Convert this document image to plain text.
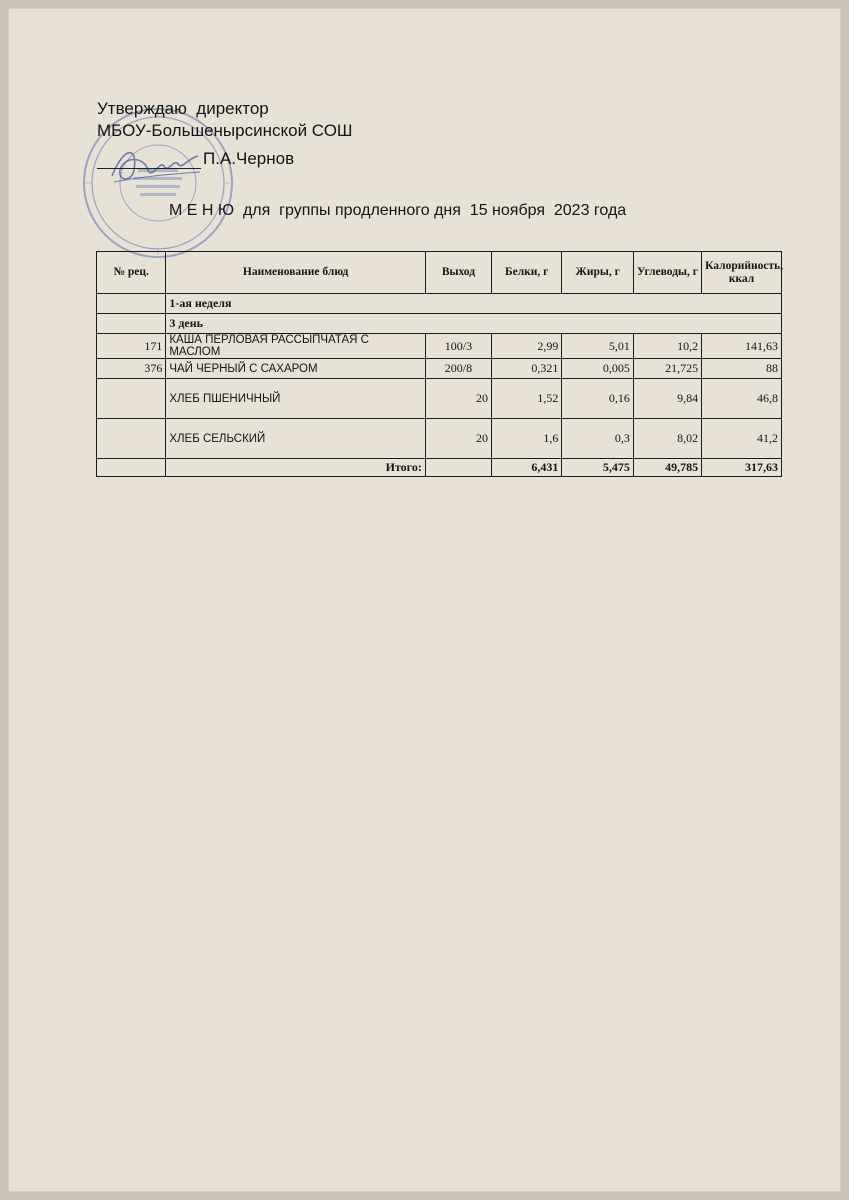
Утверждаю  директор
МБОУ-Большенырсинской СОШ
П.А.Чернов
М Е Н Ю  для  группы продленного дня  15 ноября  2023 года
№ рец.	Наименование блюд	Выход	Белки, г	Жиры, г	Углеводы, г	Калорийность, ккал
	1-ая неделя					
	3 день					
171	КАША ПЕРЛОВАЯ РАССЫПЧАТАЯ С МАСЛОМ	100/3	2,99	5,01	10,2	141,63
376	ЧАЙ ЧЕРНЫЙ С САХАРОМ	200/8	0,321	0,005	21,725	88
	ХЛЕБ ПШЕНИЧНЫЙ	20	1,52	0,16	9,84	46,8
	ХЛЕБ СЕЛЬСКИЙ	20	1,6	0,3	8,02	41,2
	Итого:		6,431	5,475	49,785	317,63
